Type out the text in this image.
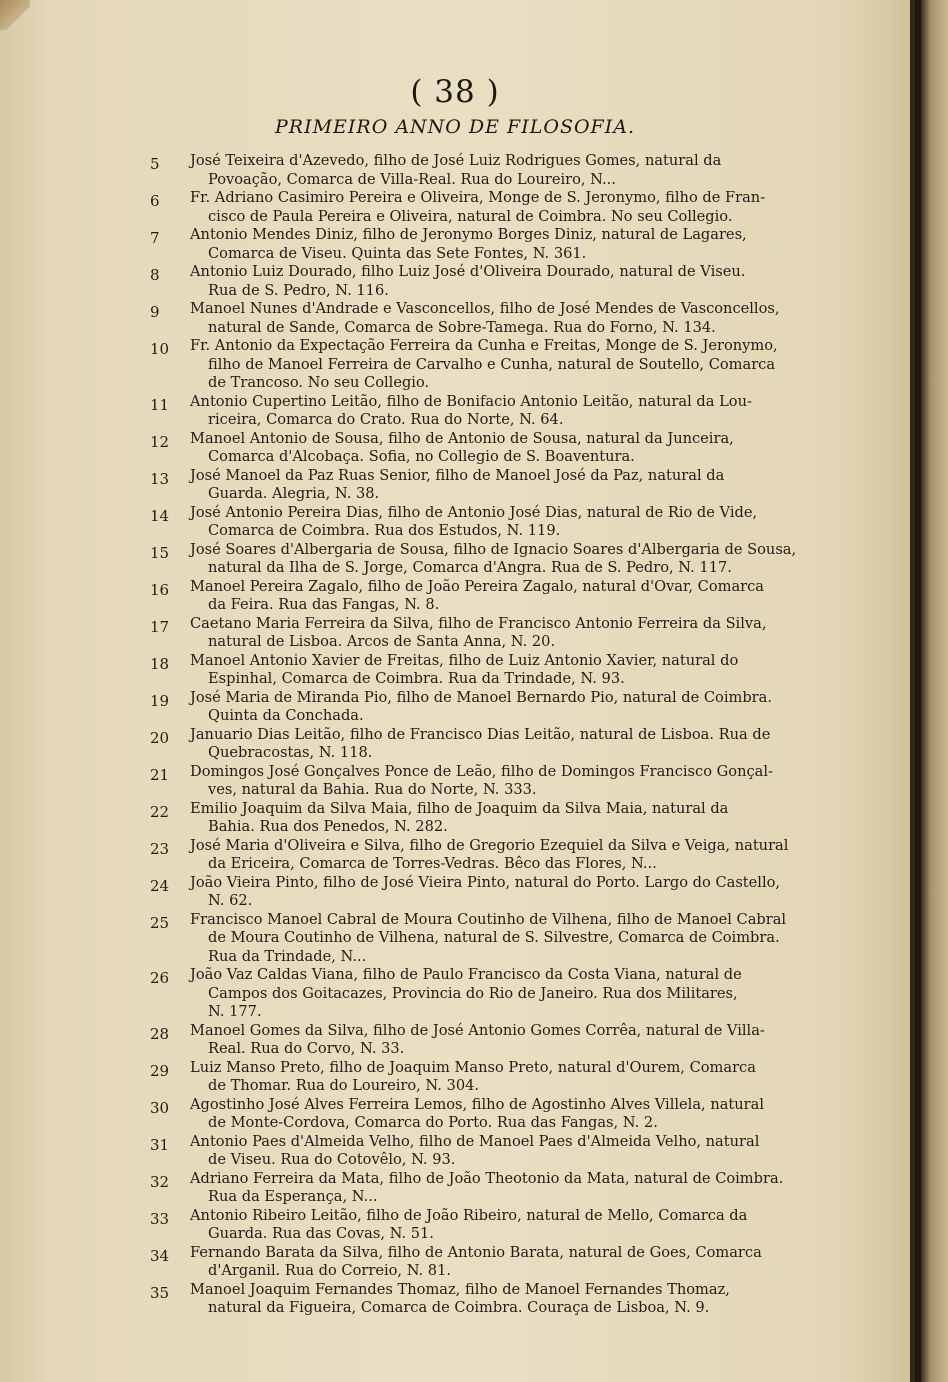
( 38 )
PRIMEIRO ANNO DE FILOSOFIA.
5	José Teixeira d'Azevedo, filho de José Luiz Rodrigues Gomes, natural da
Povoação, Comarca de Villa-Real. Rua do Loureiro, N...
6	Fr. Adriano Casimiro Pereira e Oliveira, Monge de S. Jeronymo, filho de Fran-
cisco de Paula Pereira e Oliveira, natural de Coimbra. No seu Collegio.
7	Antonio Mendes Diniz, filho de Jeronymo Borges Diniz, natural de Lagares,
Comarca de Viseu. Quinta das Sete Fontes, N. 361.
8	Antonio Luiz Dourado, filho Luiz José d'Oliveira Dourado, natural de Viseu.
Rua de S. Pedro, N. 116.
9	Manoel Nunes d'Andrade e Vasconcellos, filho de José Mendes de Vasconcellos,
natural de Sande, Comarca de Sobre-Tamega. Rua do Forno, N. 134.
10	Fr. Antonio da Expectação Ferreira da Cunha e Freitas, Monge de S. Jeronymo,
filho de Manoel Ferreira de Carvalho e Cunha, natural de Soutello, Comarca
de Trancoso. No seu Collegio.
11	Antonio Cupertino Leitão, filho de Bonifacio Antonio Leitão, natural da Lou-
riceira, Comarca do Crato. Rua do Norte, N. 64.
12	Manoel Antonio de Sousa, filho de Antonio de Sousa, natural da Junceira,
Comarca d'Alcobaça. Sofia, no Collegio de S. Boaventura.
13	José Manoel da Paz Ruas Senior, filho de Manoel José da Paz, natural da
Guarda. Alegria, N. 38.
14	José Antonio Pereira Dias, filho de Antonio José Dias, natural de Rio de Vide,
Comarca de Coimbra. Rua dos Estudos, N. 119.
15	José Soares d'Albergaria de Sousa, filho de Ignacio Soares d'Albergaria de Sousa,
natural da Ilha de S. Jorge, Comarca d'Angra. Rua de S. Pedro, N. 117.
16	Manoel Pereira Zagalo, filho de João Pereira Zagalo, natural d'Ovar, Comarca
da Feira. Rua das Fangas, N. 8.
17	Caetano Maria Ferreira da Silva, filho de Francisco Antonio Ferreira da Silva,
natural de Lisboa. Arcos de Santa Anna, N. 20.
18	Manoel Antonio Xavier de Freitas, filho de Luiz Antonio Xavier, natural do
Espinhal, Comarca de Coimbra. Rua da Trindade, N. 93.
19	José Maria de Miranda Pio, filho de Manoel Bernardo Pio, natural de Coimbra.
Quinta da Conchada.
20	Januario Dias Leitão, filho de Francisco Dias Leitão, natural de Lisboa. Rua de
Quebracostas, N. 118.
21	Domingos José Gonçalves Ponce de Leão, filho de Domingos Francisco Gonçal-
ves, natural da Bahia. Rua do Norte, N. 333.
22	Emilio Joaquim da Silva Maia, filho de Joaquim da Silva Maia, natural da
Bahia. Rua dos Penedos, N. 282.
23	José Maria d'Oliveira e Silva, filho de Gregorio Ezequiel da Silva e Veiga, natural
da Ericeira, Comarca de Torres-Vedras. Bêco das Flores, N...
24	João Vieira Pinto, filho de José Vieira Pinto, natural do Porto. Largo do Castello,
N. 62.
25	Francisco Manoel Cabral de Moura Coutinho de Vilhena, filho de Manoel Cabral
de Moura Coutinho de Vilhena, natural de S. Silvestre, Comarca de Coimbra.
Rua da Trindade, N...
26	João Vaz Caldas Viana, filho de Paulo Francisco da Costa Viana, natural de
Campos dos Goitacazes, Provincia do Rio de Janeiro. Rua dos Militares,
N. 177.
28	Manoel Gomes da Silva, filho de José Antonio Gomes Corrêa, natural de Villa-
Real. Rua do Corvo, N. 33.
29	Luiz Manso Preto, filho de Joaquim Manso Preto, natural d'Ourem, Comarca
de Thomar. Rua do Loureiro, N. 304.
30	Agostinho José Alves Ferreira Lemos, filho de Agostinho Alves Villela, natural
de Monte-Cordova, Comarca do Porto. Rua das Fangas, N. 2.
31	Antonio Paes d'Almeida Velho, filho de Manoel Paes d'Almeida Velho, natural
de Viseu. Rua do Cotovêlo, N. 93.
32	Adriano Ferreira da Mata, filho de João Theotonio da Mata, natural de Coimbra.
Rua da Esperança, N...
33	Antonio Ribeiro Leitão, filho de João Ribeiro, natural de Mello, Comarca da
Guarda. Rua das Covas, N. 51.
34	Fernando Barata da Silva, filho de Antonio Barata, natural de Goes, Comarca
d'Arganil. Rua do Correio, N. 81.
35	Manoel Joaquim Fernandes Thomaz, filho de Manoel Fernandes Thomaz,
natural da Figueira, Comarca de Coimbra. Couraça de Lisboa, N. 9.
